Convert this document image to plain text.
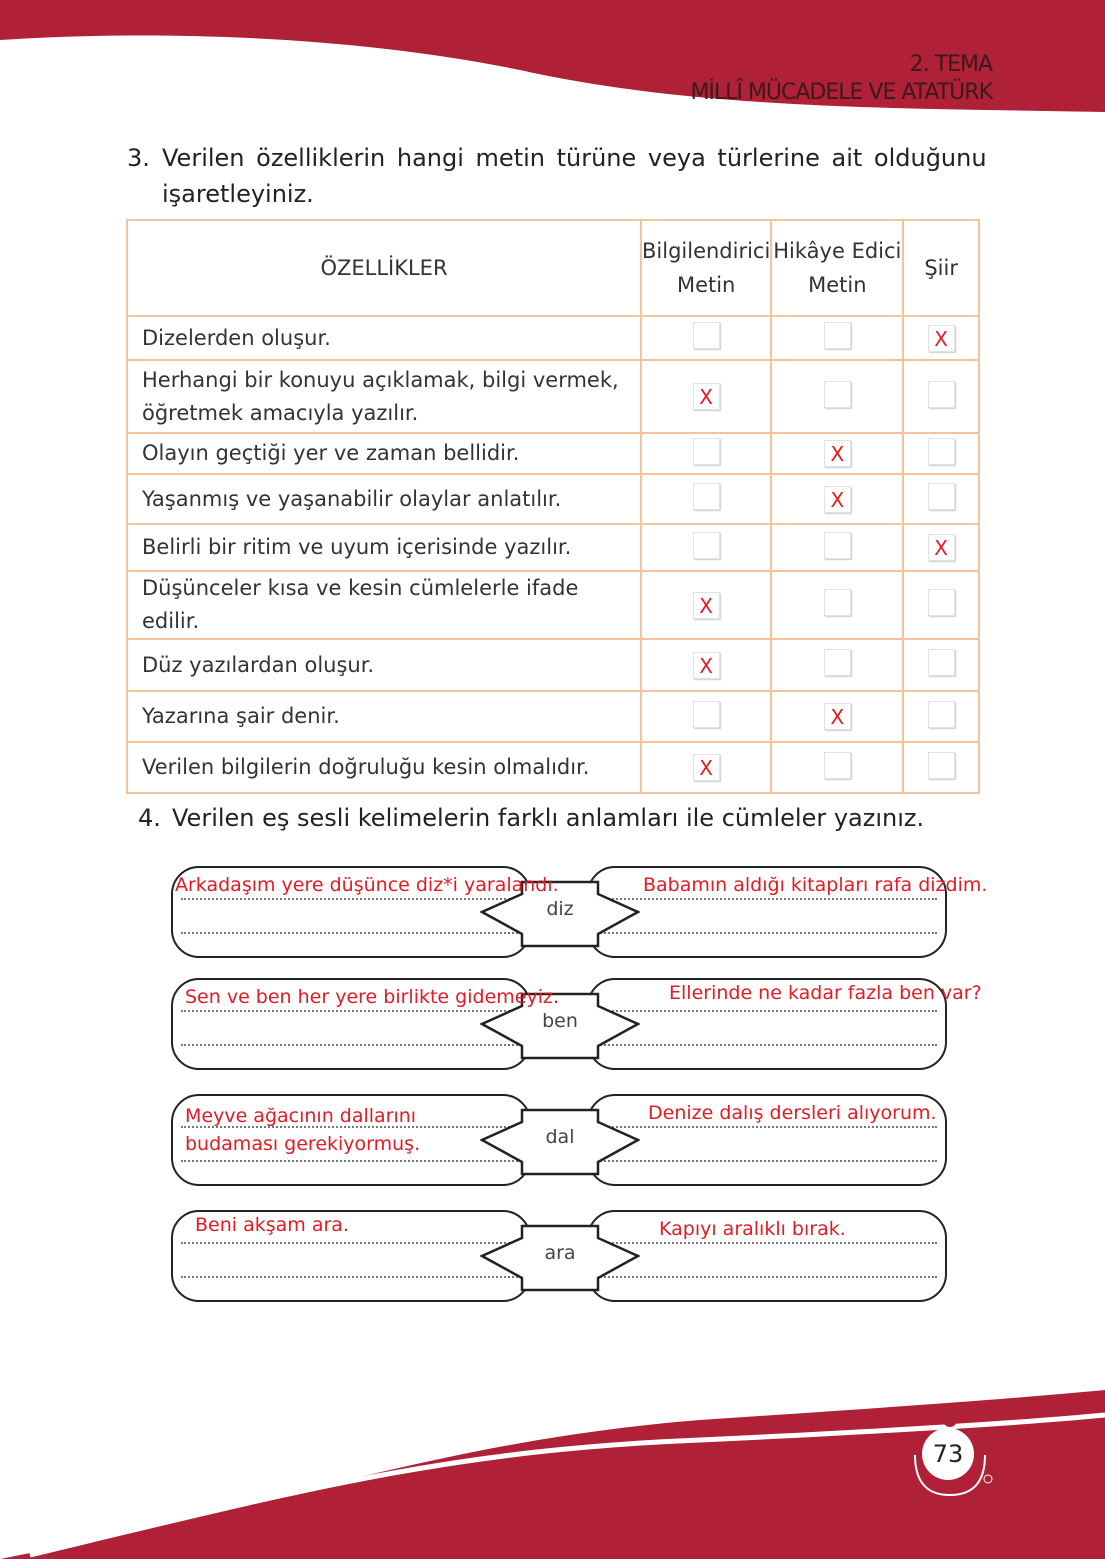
73
2. TEMA
MİLLÎ MÜCADELE VE ATATÜRK
3. Verilen özelliklerin hangi metin türüne veya türlerine ait olduğunu
işaretleyiniz.
ÖZELLİKLER	Bilgilendirici Metin	Hikâye Edici Metin	Şiir
Dizelerden oluşur.			X
Herhangi bir konuyu açıklamak, bilgi vermek, öğretmek amacıyla yazılır.	X		
Olayın geçtiği yer ve zaman bellidir.		X	
Yaşanmış ve yaşanabilir olaylar anlatılır.		X	
Belirli bir ritim ve uyum içerisinde yazılır.			X
Düşünceler kısa ve kesin cümlelerle ifade edilir.	X		
Düz yazılardan oluşur.	X		
Yazarına şair denir.		X	
Verilen bilgilerin doğruluğu kesin olmalıdır.	X		
4. Verilen eş sesli kelimelerin farklı anlamları ile cümleler yazınız.
diz
Arkadaşım yere düşünce diz*i yaralandı.	Babamın aldığı kitapları rafa dizdim.
ben
Sen ve ben her yere birlikte gidemeyiz.	Ellerinde ne kadar fazla ben var?
dal
Meyve ağacının dallarını budaması gerekiyormuş.
Denize dalış dersleri alıyorum.
ara
Beni akşam ara.	Kapıyı aralıklı bırak.
